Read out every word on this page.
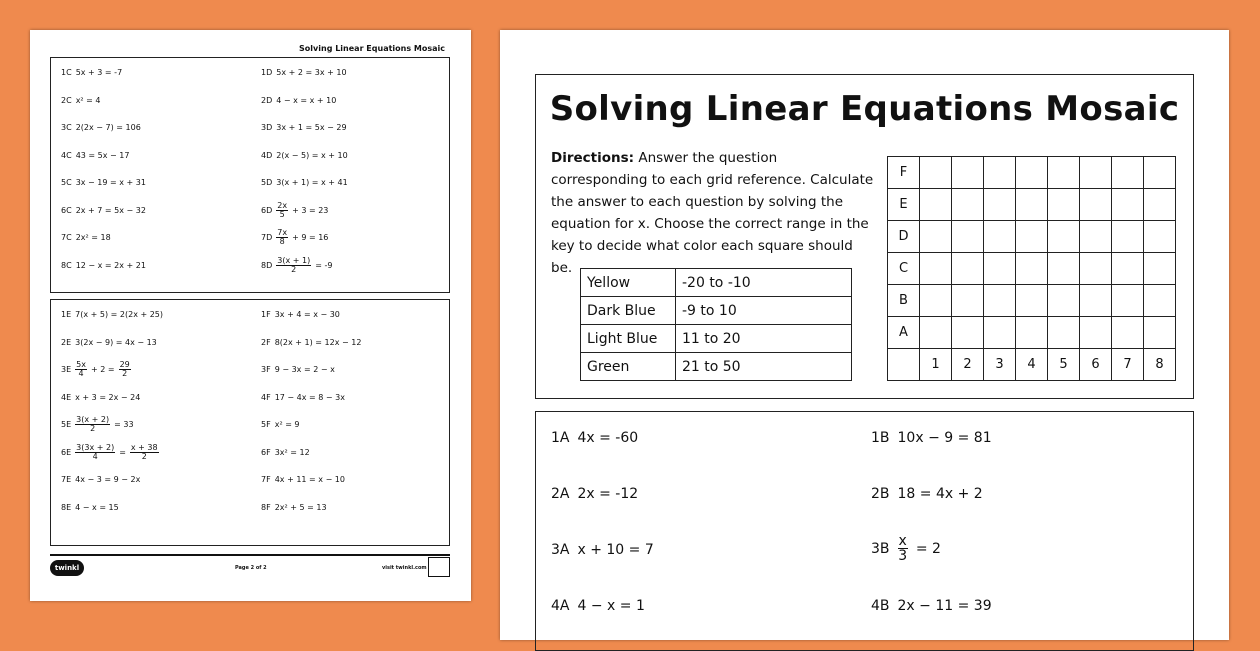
Solving Linear Equations Mosaic
1C 5x + 3 = -7
2C x² = 4
3C 2(2x − 7) = 106
4C 43 = 5x − 17
5C 3x − 19 = x + 31
6C 2x + 7 = 5x − 32
7C 2x² = 18
8C 12 − x = 2x + 21
1D 5x + 2 = 3x + 10
2D 4 − x = x + 10
3D 3x + 1 = 5x − 29
4D 2(x − 5) = x + 10
5D 3(x + 1) = x + 41
$6D \frac{2x}{5} + 3 = 23$
$7D \frac{7x}{8} + 9 = 16$
$8D \frac{3(x + 1)}{2} = -9$
1E 7(x + 5) = 2(2x + 25)
2E 3(2x − 9) = 4x − 13
$3E \frac{5x}{4} + 2 = \frac{29}{2}$
4E x + 3 = 2x − 24
$5E \frac{3(x + 2)}{2} = 33$
$6E \frac{3(3x + 2)}{4} = \frac{x + 38}{2}$
7E 4x − 3 = 9 − 2x
8E 4 − x = 15
1F 3x + 4 = x − 30
2F 8(2x + 1) = 12x − 12
3F 9 − 3x = 2 − x
4F 17 − 4x = 8 − 3x
5F x² = 9
6F 3x² = 12
7F 4x + 11 = x − 10
8F 2x² + 5 = 13
twinkl	Page 2 of 2	visit twinkl.com
Solving Linear Equations Mosaic
Directions: Answer the question corresponding to each grid reference. Calculate the answer to each question by solving the equation for x. Choose the correct range in the key to decide what color each square should be.
Yellow	-20 to -10
Dark Blue	-9 to 10
Light Blue	11 to 20
Green	21 to 50
F								
E								
D								
C								
B								
A								
	1	2	3	4	5	6	7	8
1A 4x = -60	1B 10x − 9 = 81
2A 2x = -12	2B 18 = 4x + 2
3A x + 10 = 7	$3B \frac{x}{3} = 2$
4A 4 − x = 1	4B 2x − 11 = 39
